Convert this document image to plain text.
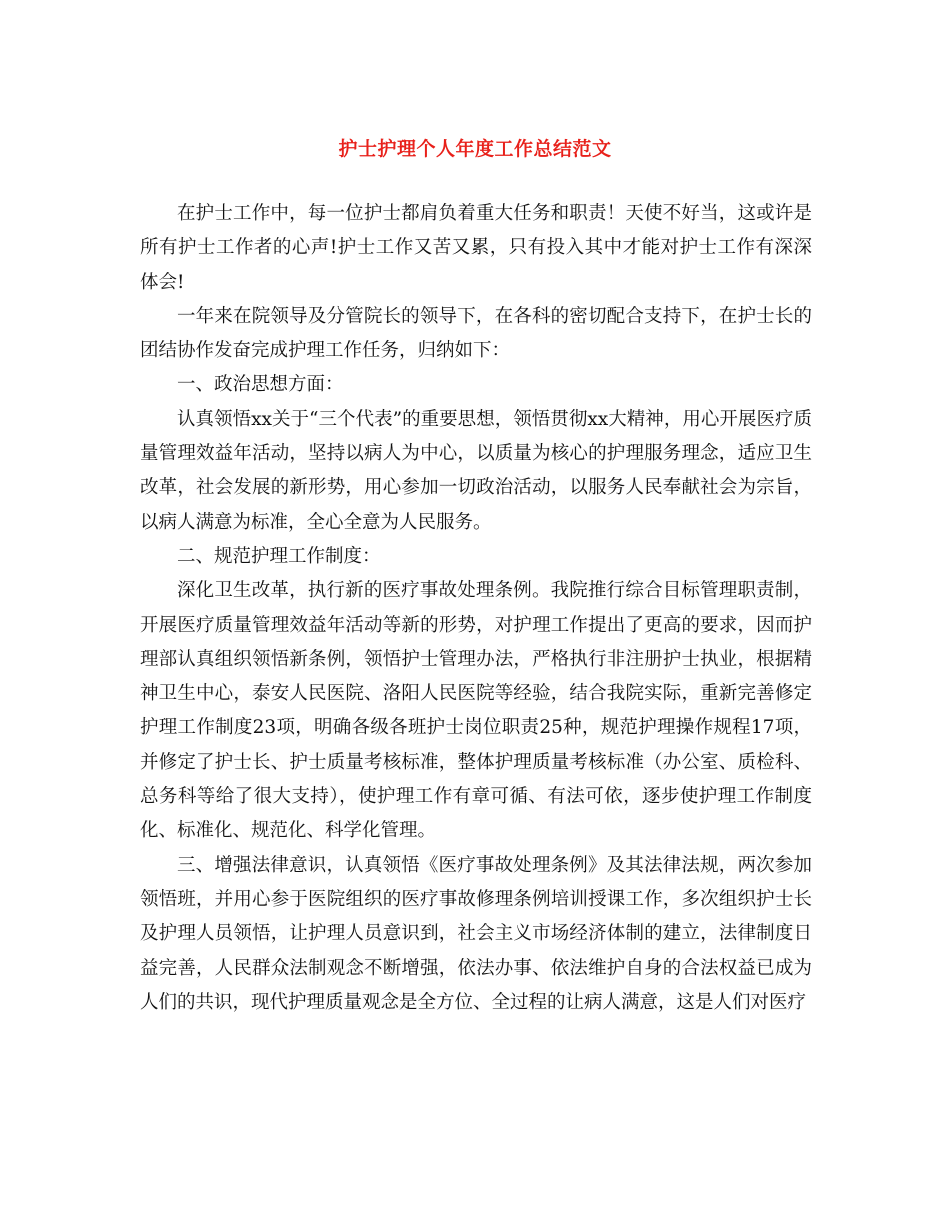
护士护理个人年度工作总结范文

在护士工作中，每一位护士都肩负着重大任务和职责！天使不好当，这或许是所有护士工作者的心声!护士工作又苦又累，只有投入其中才能对护士工作有深深体会!

一年来在院领导及分管院长的领导下，在各科的密切配合支持下，在护士长的团结协作发奋完成护理工作任务，归纳如下：

一、政治思想方面：

认真领悟xx关于“三个代表”的重要思想，领悟贯彻xx大精神，用心开展医疗质量管理效益年活动，坚持以病人为中心，以质量为核心的护理服务理念，适应卫生改革，社会发展的新形势，用心参加一切政治活动，以服务人民奉献社会为宗旨，以病人满意为标准，全心全意为人民服务。

二、规范护理工作制度：

深化卫生改革，执行新的医疗事故处理条例。我院推行综合目标管理职责制，开展医疗质量管理效益年活动等新的形势，对护理工作提出了更高的要求，因而护理部认真组织领悟新条例，领悟护士管理办法，严格执行非注册护士执业，根据精神卫生中心，泰安人民医院、洛阳人民医院等经验，结合我院实际，重新完善修定护理工作制度23项，明确各级各班护士岗位职责25种，规范护理操作规程17项，并修定了护士长、护士质量考核标准，整体护理质量考核标准（办公室、质检科、总务科等给了很大支持），使护理工作有章可循、有法可依，逐步使护理工作制度化、标准化、规范化、科学化管理。

三、增强法律意识，认真领悟《医疗事故处理条例》及其法律法规，两次参加领悟班，并用心参于医院组织的医疗事故修理条例培训授课工作，多次组织护士长及护理人员领悟，让护理人员意识到，社会主义市场经济体制的建立，法律制度日益完善，人民群众法制观念不断增强，依法办事、依法维护自身的合法权益已成为人们的共识，现代护理质量观念是全方位、全过程的让病人满意，这是人们对医疗
